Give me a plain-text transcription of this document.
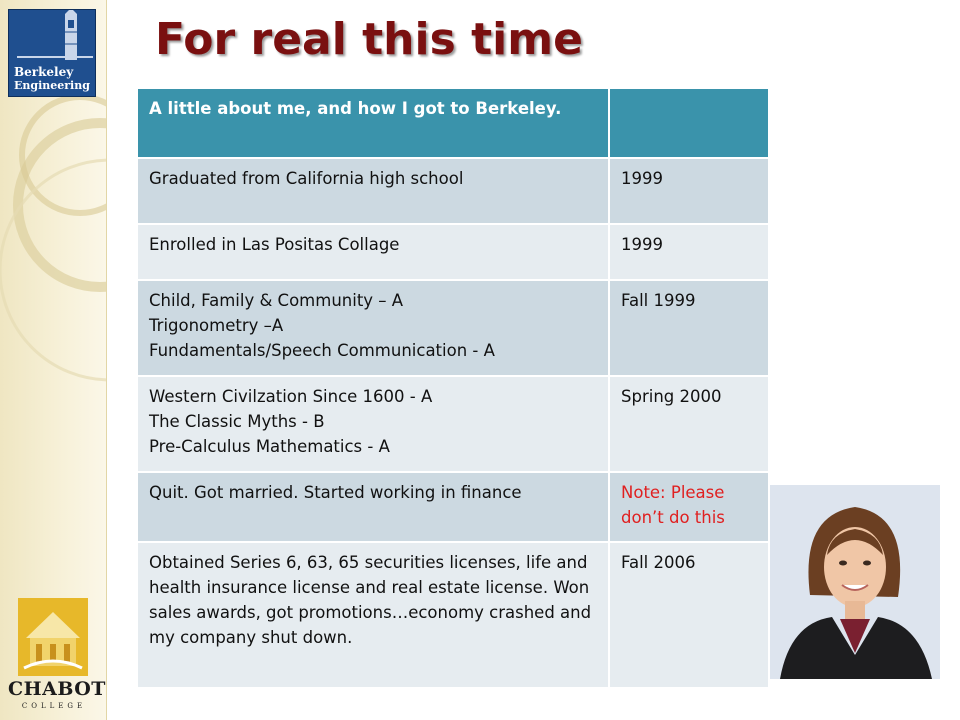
Berkeley
Engineering
CHABOT
COLLEGE
For real this time
A little about me, and how I got to Berkeley.	
Graduated from California high school	1999
Enrolled in Las Positas Collage	1999

Child, Family & Community – A
Trigonometry –A
Fundamentals/Speech Communication - A	Fall 1999

Western Civilzation Since 1600 - A
The Classic Myths - B
Pre-Calculus Mathematics - A	Spring 2000
Quit. Got married. Started working in finance	Note: Please don’t do this
Obtained Series 6, 63, 65 securities licenses, life and health insurance license and real estate license. Won sales awards, got promotions…economy crashed and my company shut down.	Fall 2006
